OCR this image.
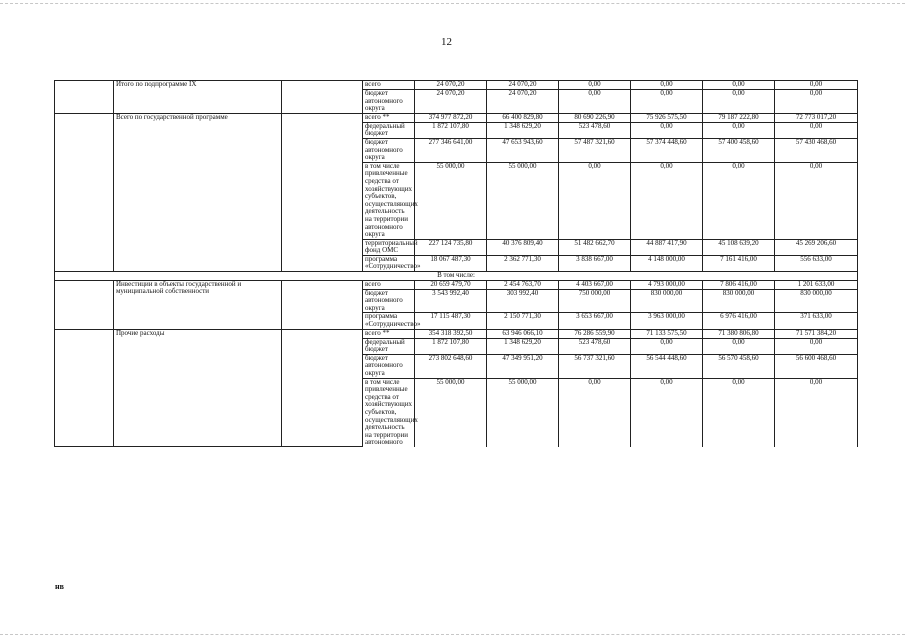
12
	Итого по подпрограмме IX		всего	24 070,20	24 070,20	0,00	0,00	0,00	0,00
			бюджет автономного округа	24 070,20	24 070,20	0,00	0,00	0,00	0,00
	Всего по государственной программе		всего **	374 977 872,20	66 400 829,80	80 690 226,90	75 926 575,50	79 187 222,80	72 773 017,20
			федеральный бюджет	1 872 107,80	1 348 629,20	523 478,60	0,00	0,00	0,00
			бюджет автономного округа	277 346 641,00	47 653 943,60	57 487 321,60	57 374 448,60	57 400 458,60	57 430 468,60
			в том числе привлеченные средства от хозяйствующих субъектов, осуществляющих деятельность на территории автономного округа	55 000,00	55 000,00	0,00	0,00	0,00	0,00
			территориальный фонд ОМС	227 124 735,80	40 376 809,40	51 482 662,70	44 887 417,90	45 108 639,20	45 269 206,60
			программа «Сотрудничество»	18 067 487,30	2 362 771,30	3 838 667,00	4 148 000,00	7 161 416,00	556 633,00
В том числе:									
	Инвестиции в объекты государственной и муниципальной собственности		всего	20 659 479,70	2 454 763,70	4 403 667,00	4 793 000,00	7 806 416,00	1 201 633,00
			бюджет автономного округа	3 543 992,40	303 992,40	750 000,00	830 000,00	830 000,00	830 000,00
			программа «Сотрудничество»	17 115 487,30	2 150 771,30	3 653 667,00	3 963 000,00	6 976 416,00	371 633,00
	Прочие расходы		всего **	354 318 392,50	63 946 066,10	76 286 559,90	71 133 575,50	71 380 806,80	71 571 384,20
			федеральный бюджет	1 872 107,80	1 348 629,20	523 478,60	0,00	0,00	0,00
			бюджет автономного округа	273 802 648,60	47 349 951,20	56 737 321,60	56 544 448,60	56 570 458,60	56 600 468,60
			в том числе привлеченные средства от хозяйствующих субъектов, осуществляющих деятельность на территории автономного	55 000,00	55 000,00	0,00	0,00	0,00	0,00
нв
